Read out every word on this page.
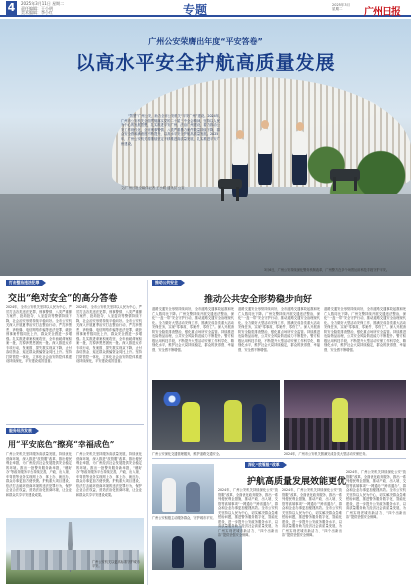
4	2025年3月11日 星期二
责任编辑：王小明
美术编辑：李小红	专题	2025年3月
星期二	广州日报
广州公安荣膺出年度“平安答卷”
以高水平安全护航高质量发展
“智慧”广州公安，助力全市公安机关“平安广州”建设。2024年，广州市公安机关全面贯彻落实党的二十届三中全会精神，坚持以人民为中心的发展思想，扎实推进平安广州、法治广州建设，着力推动公安工作现代化，全市刑事警情、八类严重暴力案件数量持续下降，群众安全感和满意度不断提升，以高水平安全护航高质量发展。2025年，广州公安机关将继续坚定不移推进高质量发展，扎实推进平安广州建设。
文/广州日报全媒体记者 王小明 通讯员 公宣
3月6日，广州公安持续深化警务机制改革，广州警方在多个场景运用科技手段守护平安。
打击整治违法犯罪
交出“绝对安全”的高分答卷
2024年，全市公安机关坚持以人民为中心，严厉打击各类违法犯罪，刑事警情、八类严重暴力案件、抢劫抢夺、入室盗窃等警情持续下降，社会治安形势持续平稳向好。全市公安机关深入开展夏季治安打击整治行动，严打涉黑恶、涉枪爆、电信网络诈骗等违法犯罪，破获刑事案件数同比上升，群众安全感进一步增强。扎实推进命案积案攻坚，全年侦破命案积案一批，打掉涉黑恶团伙一批。深入推进反诈专项行动，发案数、损失数实现双下降，止付冻结资金、返还群众被骗资金同比上升。坚持打防管控一体化，立体化社会治安防控体系建设持续深化，平安建设成效显著。
2024年，全市公安机关坚持以人民为中心，严厉打击各类违法犯罪，刑事警情、八类严重暴力案件、抢劫抢夺、入室盗窃等警情持续下降，社会治安形势持续平稳向好。全市公安机关深入开展夏季治安打击整治行动，严打涉黑恶、涉枪爆、电信网络诈骗等违法犯罪，破获刑事案件数同比上升，群众安全感进一步增强。扎实推进命案积案攻坚，全年侦破命案积案一批，打掉涉黑恶团伙一批。深入推进反诈专项行动，发案数、损失数实现双下降，止付冻结资金、返还群众被骗资金同比上升。坚持打防管控一体化，立体化社会治安防控体系建设持续深化，平安建设成效显著。
服务经济发展
用“平安底色”擦亮“幸福成色”
广州公安机关坚持服务高质量发展，持续优化营商环境，深入推进“放管服”改革，推出便民利企举措，为广州经济社会发展提供安全稳定的环境。推出一批警务服务新举措，“穗好办”等政务服务平台持续完善，户政、出入境、车驾管等业务实现网上办、掌上办、就近办，群众办事更加方便快捷。护航重大项目建设，依法打击破坏营商环境的违法犯罪行为，保护企业合法权益，营造法治化营商环境，让企业和群众共享平安建设成果。
广州公安机关坚持服务高质量发展，持续优化营商环境，深入推进“放管服”改革，推出便民利企举措，为广州经济社会发展提供安全稳定的环境。推出一批警务服务新举措，“穗好办”等政务服务平台持续完善，户政、出入境、车驾管等业务实现网上办、掌上办、就近办，群众办事更加方便快捷。护航重大项目建设，依法打击破坏营商环境的违法犯罪行为，保护企业合法权益，营造法治化营商环境，让企业和群众共享平安建设成果。
广州公安机关以更高标准守护城市平安。
推动公共安全
推动公共安全形势稳步向好
道路交通安全形势持续向好，全市道路交通事故起数和死亡人数同比下降。广州交警持续开展交通违法整治，深化“一盔一带”安全守护行动，推动道路交通安全治理现代化。全力做好大型活动安保工作，圆满完成各类重大活动安保任务，实现“零事故、零案件、零伤亡”。深入开展消防安全隐患排查整治，强化重点场所安全监管。持续推进危险物品治理，公共安全风险防范能力不断提升。警方积极运用科技手段，不断提升大型活动安保工作科学化、精细化水平，维护社会大局持续稳定，群众的获得感、幸福感、安全感不断增强。
道路交通安全形势持续向好，全市道路交通事故起数和死亡人数同比下降。广州交警持续开展交通违法整治，深化“一盔一带”安全守护行动，推动道路交通安全治理现代化。全力做好大型活动安保工作，圆满完成各类重大活动安保任务，实现“零事故、零案件、零伤亡”。深入开展消防安全隐患排查整治，强化重点场所安全监管。持续推进危险物品治理，公共安全风险防范能力不断提升。警方积极运用科技手段，不断提升大型活动安保工作科学化、精细化水平，维护社会大局持续稳定，群众的获得感、幸福感、安全感不断增强。
道路交通安全形势持续向好，全市道路交通事故起数和死亡人数同比下降。广州交警持续开展交通违法整治，深化“一盔一带”安全守护行动，推动道路交通安全治理现代化。全力做好大型活动安保工作，圆满完成各类重大活动安保任务，实现“零事故、零案件、零伤亡”。深入开展消防安全隐患排查整治，强化重点场所安全监管。持续推进危险物品治理，公共安全风险防范能力不断提升。警方积极运用科技手段，不断提升大型活动安保工作科学化、精细化水平，维护社会大局持续稳定，群众的获得感、幸福感、安全感不断增强。
广州公安深化交通管理服务，维护道路交通安全。	2024年，广州市公安机关圆满完成各类大型活动安保任务。
深化“放管服”改革
护航高质量发展效能更优
广州公安积极主动服务群众，守护城市平安。
2024年，广州公安机关持续深化公安“放管服”改革，全面优化政务服务，推出一系列便民利企措施，推动户政、出入境、交管等高频事项“一网通办”“跨省通办”，群众和企业办事更加便捷高效。全市公安机关坚持以人民为中心，切实解决群众急难愁盼问题，推进警务服务数字化、智能化建设，进一步提升公安政务服务水平，以高质量服务助力经济社会高质量发展，为广州实现老城市新活力、“四个出新出彩”提供坚强安全保障。
2024年，广州公安机关持续深化公安“放管服”改革，全面优化政务服务，推出一系列便民利企措施，推动户政、出入境、交管等高频事项“一网通办”“跨省通办”，群众和企业办事更加便捷高效。全市公安机关坚持以人民为中心，切实解决群众急难愁盼问题，推进警务服务数字化、智能化建设，进一步提升公安政务服务水平，以高质量服务助力经济社会高质量发展，为广州实现老城市新活力、“四个出新出彩”提供坚强安全保障。
2024年，广州公安机关持续深化公安“放管服”改革，全面优化政务服务，推出一系列便民利企措施，推动户政、出入境、交管等高频事项“一网通办”“跨省通办”，群众和企业办事更加便捷高效。全市公安机关坚持以人民为中心，切实解决群众急难愁盼问题，推进警务服务数字化、智能化建设，进一步提升公安政务服务水平，以高质量服务助力经济社会高质量发展，为广州实现老城市新活力、“四个出新出彩”提供坚强安全保障。
